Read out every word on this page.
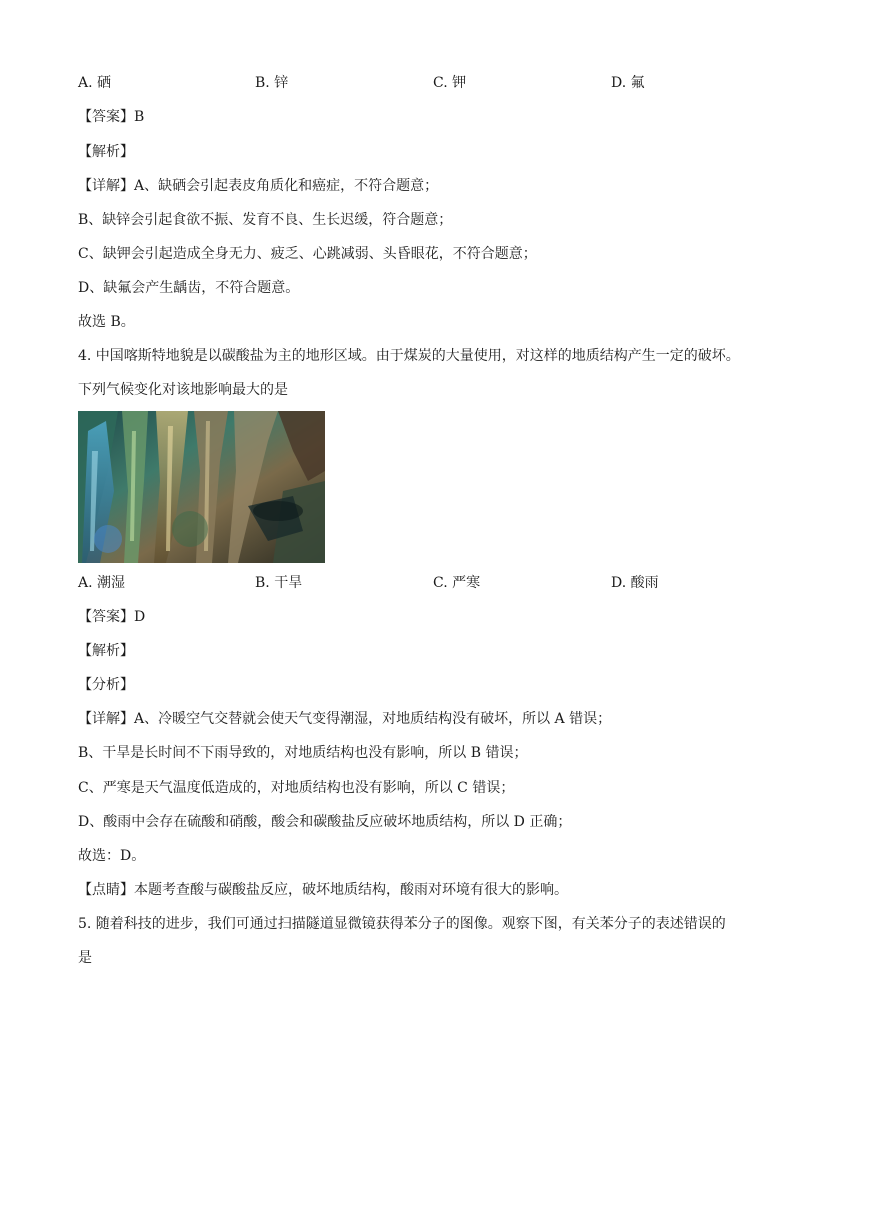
A. 硒	B. 锌	C. 钾	D. 氟
【答案】B
【解析】
【详解】A、缺硒会引起表皮角质化和癌症，不符合题意；
B、缺锌会引起食欲不振、发育不良、生长迟缓，符合题意；
C、缺钾会引起造成全身无力、疲乏、心跳减弱、头昏眼花，不符合题意；
D、缺氟会产生龋齿，不符合题意。
故选 B。
4. 中国喀斯特地貌是以碳酸盐为主的地形区域。由于煤炭的大量使用，对这样的地质结构产生一定的破坏。
下列气候变化对该地影响最大的是
A. 潮湿	B. 干旱	C. 严寒	D. 酸雨
【答案】D
【解析】
【分析】
【详解】A、冷暖空气交替就会使天气变得潮湿，对地质结构没有破坏，所以 A 错误；
B、干旱是长时间不下雨导致的，对地质结构也没有影响，所以 B 错误；
C、严寒是天气温度低造成的，对地质结构也没有影响，所以 C 错误；
D、酸雨中会存在硫酸和硝酸，酸会和碳酸盐反应破坏地质结构，所以 D 正确；
故选：D。
【点睛】本题考查酸与碳酸盐反应，破坏地质结构，酸雨对环境有很大的影响。
5. 随着科技的进步，我们可通过扫描隧道显微镜获得苯分子的图像。观察下图，有关苯分子的表述错误的
是
